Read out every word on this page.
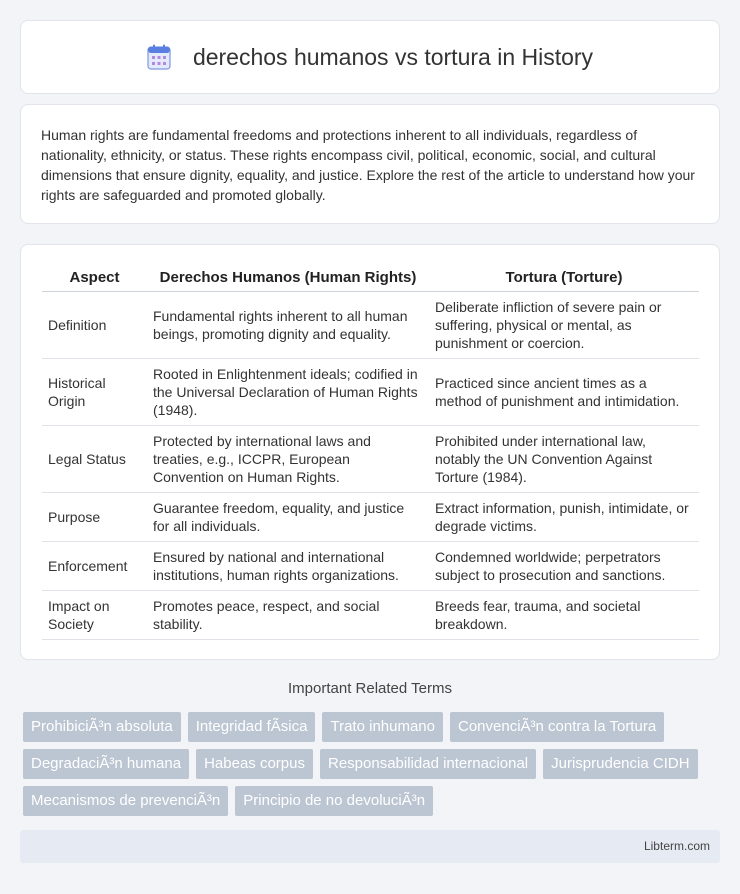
derechos humanos vs tortura in History

Human rights are fundamental freedoms and protections inherent to all individuals, regardless of nationality, ethnicity, or status. These rights encompass civil, political, economic, social, and cultural dimensions that ensure dignity, equality, and justice. Explore the rest of the article to understand how your rights are safeguarded and promoted globally.

Aspect	Derechos Humanos (Human Rights)	Tortura (Torture)
Definition	Fundamental rights inherent to all human beings, promoting dignity and equality.	Deliberate infliction of severe pain or suffering, physical or mental, as punishment or coercion.
Historical Origin	Rooted in Enlightenment ideals; codified in the Universal Declaration of Human Rights (1948).	Practiced since ancient times as a method of punishment and intimidation.
Legal Status	Protected by international laws and treaties, e.g., ICCPR, European Convention on Human Rights.	Prohibited under international law, notably the UN Convention Against Torture (1984).
Purpose	Guarantee freedom, equality, and justice for all individuals.	Extract information, punish, intimidate, or degrade victims.
Enforcement	Ensured by national and international institutions, human rights organizations.	Condemned worldwide; perpetrators subject to prosecution and sanctions.
Impact on Society	Promotes peace, respect, and social stability.	Breeds fear, trauma, and societal breakdown.
Important Related Terms
ProhibiciÃ³n absoluta	Integridad fÃsica	Trato inhumano	ConvenciÃ³n contra la Tortura
DegradaciÃ³n humana	Habeas corpus	Responsabilidad internacional	Jurisprudencia CIDH
Mecanismos de prevenciÃ³n	Principio de no devoluciÃ³n
Libterm.com
